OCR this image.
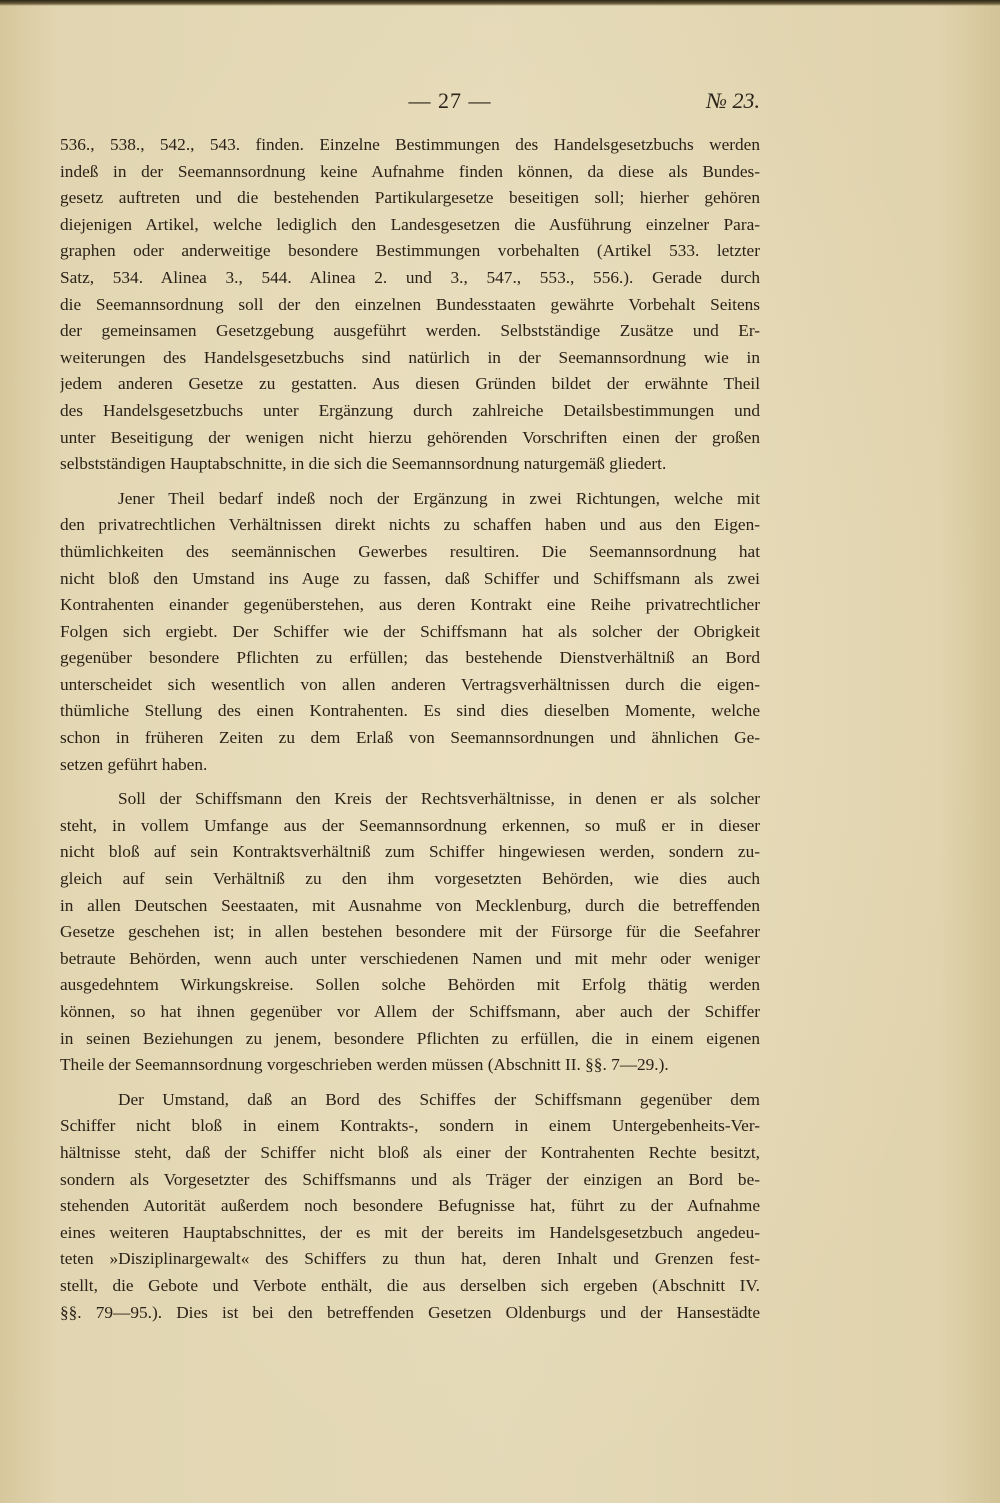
— 27 —	№ 23.
536., 538., 542., 543. finden. Einzelne Bestimmungen des Handelsgesetzbuchs werden
indeß in der Seemannsordnung keine Aufnahme finden können, da diese als Bundes-
gesetz auftreten und die bestehenden Partikulargesetze beseitigen soll; hierher gehören
diejenigen Artikel, welche lediglich den Landesgesetzen die Ausführung einzelner Para-
graphen oder anderweitige besondere Bestimmungen vorbehalten (Artikel 533. letzter
Satz, 534. Alinea 3., 544. Alinea 2. und 3., 547., 553., 556.). Gerade durch
die Seemannsordnung soll der den einzelnen Bundesstaaten gewährte Vorbehalt Seitens
der gemeinsamen Gesetzgebung ausgeführt werden. Selbstständige Zusätze und Er-
weiterungen des Handelsgesetzbuchs sind natürlich in der Seemannsordnung wie in
jedem anderen Gesetze zu gestatten. Aus diesen Gründen bildet der erwähnte Theil
des Handelsgesetzbuchs unter Ergänzung durch zahlreiche Detailsbestimmungen und
unter Beseitigung der wenigen nicht hierzu gehörenden Vorschriften einen der großen
selbstständigen Hauptabschnitte, in die sich die Seemannsordnung naturgemäß gliedert.
Jener Theil bedarf indeß noch der Ergänzung in zwei Richtungen, welche mit
den privatrechtlichen Verhältnissen direkt nichts zu schaffen haben und aus den Eigen-
thümlichkeiten des seemännischen Gewerbes resultiren. Die Seemannsordnung hat
nicht bloß den Umstand ins Auge zu fassen, daß Schiffer und Schiffsmann als zwei
Kontrahenten einander gegenüberstehen, aus deren Kontrakt eine Reihe privatrechtlicher
Folgen sich ergiebt. Der Schiffer wie der Schiffsmann hat als solcher der Obrigkeit
gegenüber besondere Pflichten zu erfüllen; das bestehende Dienstverhältniß an Bord
unterscheidet sich wesentlich von allen anderen Vertragsverhältnissen durch die eigen-
thümliche Stellung des einen Kontrahenten. Es sind dies dieselben Momente, welche
schon in früheren Zeiten zu dem Erlaß von Seemannsordnungen und ähnlichen Ge-
setzen geführt haben.
Soll der Schiffsmann den Kreis der Rechtsverhältnisse, in denen er als solcher
steht, in vollem Umfange aus der Seemannsordnung erkennen, so muß er in dieser
nicht bloß auf sein Kontraktsverhältniß zum Schiffer hingewiesen werden, sondern zu-
gleich auf sein Verhältniß zu den ihm vorgesetzten Behörden, wie dies auch
in allen Deutschen Seestaaten, mit Ausnahme von Mecklenburg, durch die betreffenden
Gesetze geschehen ist; in allen bestehen besondere mit der Fürsorge für die Seefahrer
betraute Behörden, wenn auch unter verschiedenen Namen und mit mehr oder weniger
ausgedehntem Wirkungskreise. Sollen solche Behörden mit Erfolg thätig werden
können, so hat ihnen gegenüber vor Allem der Schiffsmann, aber auch der Schiffer
in seinen Beziehungen zu jenem, besondere Pflichten zu erfüllen, die in einem eigenen
Theile der Seemannsordnung vorgeschrieben werden müssen (Abschnitt II. §§. 7—29.).
Der Umstand, daß an Bord des Schiffes der Schiffsmann gegenüber dem
Schiffer nicht bloß in einem Kontrakts-, sondern in einem Untergebenheits-Ver-
hältnisse steht, daß der Schiffer nicht bloß als einer der Kontrahenten Rechte besitzt,
sondern als Vorgesetzter des Schiffsmanns und als Träger der einzigen an Bord be-
stehenden Autorität außerdem noch besondere Befugnisse hat, führt zu der Aufnahme
eines weiteren Hauptabschnittes, der es mit der bereits im Handelsgesetzbuch angedeu-
teten »Disziplinargewalt« des Schiffers zu thun hat, deren Inhalt und Grenzen fest-
stellt, die Gebote und Verbote enthält, die aus derselben sich ergeben (Abschnitt IV.
§§. 79—95.). Dies ist bei den betreffenden Gesetzen Oldenburgs und der Hansestädte
